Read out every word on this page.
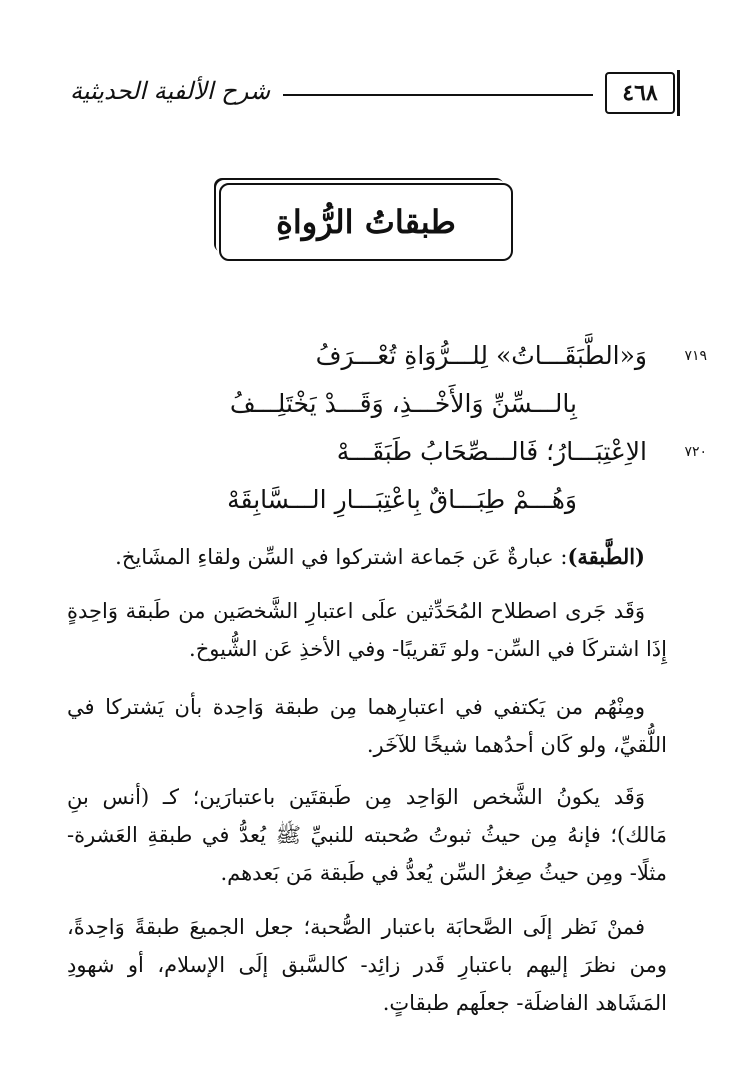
٤٦٨
شرح الألفية الحديثية
طبقاتُ الرُّواةِ
٧١٩
وَ«الطَّبَقَـــاتُ» لِلـــرُّوَاةِ تُعْـــرَفُ
بِالـــسِّنِّ وَالأَخْـــذِ، وَقَـــدْ يَخْتَلِـــفُ
٧٢٠
الاِعْتِبَـــارُ؛ فَالـــصِّحَابُ طَبَقَـــهْ
وَهُـــمْ طِبَـــاقٌ بِاعْتِبَـــارِ الـــسَّابِقَهْ
(الطَّبقة): عبارةٌ عَن جَماعة اشتركوا في السِّن ولقاءِ المشَايخ.
وَقَد جَرى اصطلاح المُحَدِّثين علَى اعتبارِ الشَّخصَين من طَبقة وَاحِدةٍ إِذَا اشتركَا في السِّن- ولو تَقريبًا- وفي الأخذِ عَن الشُّيوخ.
ومِنْهُم من يَكتفي في اعتبارِهما مِن طبقة وَاحِدة بأن يَشتركا في اللُّقيِّ، ولو كَان أحدُهما شيخًا للآخَر.
وَقَد يكونُ الشَّخص الوَاحِد مِن طَبقتَين باعتبارَين؛ كـ (أنس بنِ مَالك)؛ فإنهُ مِن حيثُ ثبوتُ صُحبته للنبيِّ ﷺ يُعدُّ في طبقةِ العَشرة- مثلًا- ومِن حيثُ صِغرُ السِّن يُعدُّ في طَبقة مَن بَعدهم.
فمنْ نَظر إلَى الصَّحابَة باعتبار الصُّحبة؛ جعل الجميعَ طبقةً وَاحِدةً، ومن نظرَ إليهم باعتبارِ قَدر زائِد- كالسَّبق إلَى الإسلام، أو شهودِ المَشَاهد الفاضلَة- جعلَهم طبقاتٍ.
